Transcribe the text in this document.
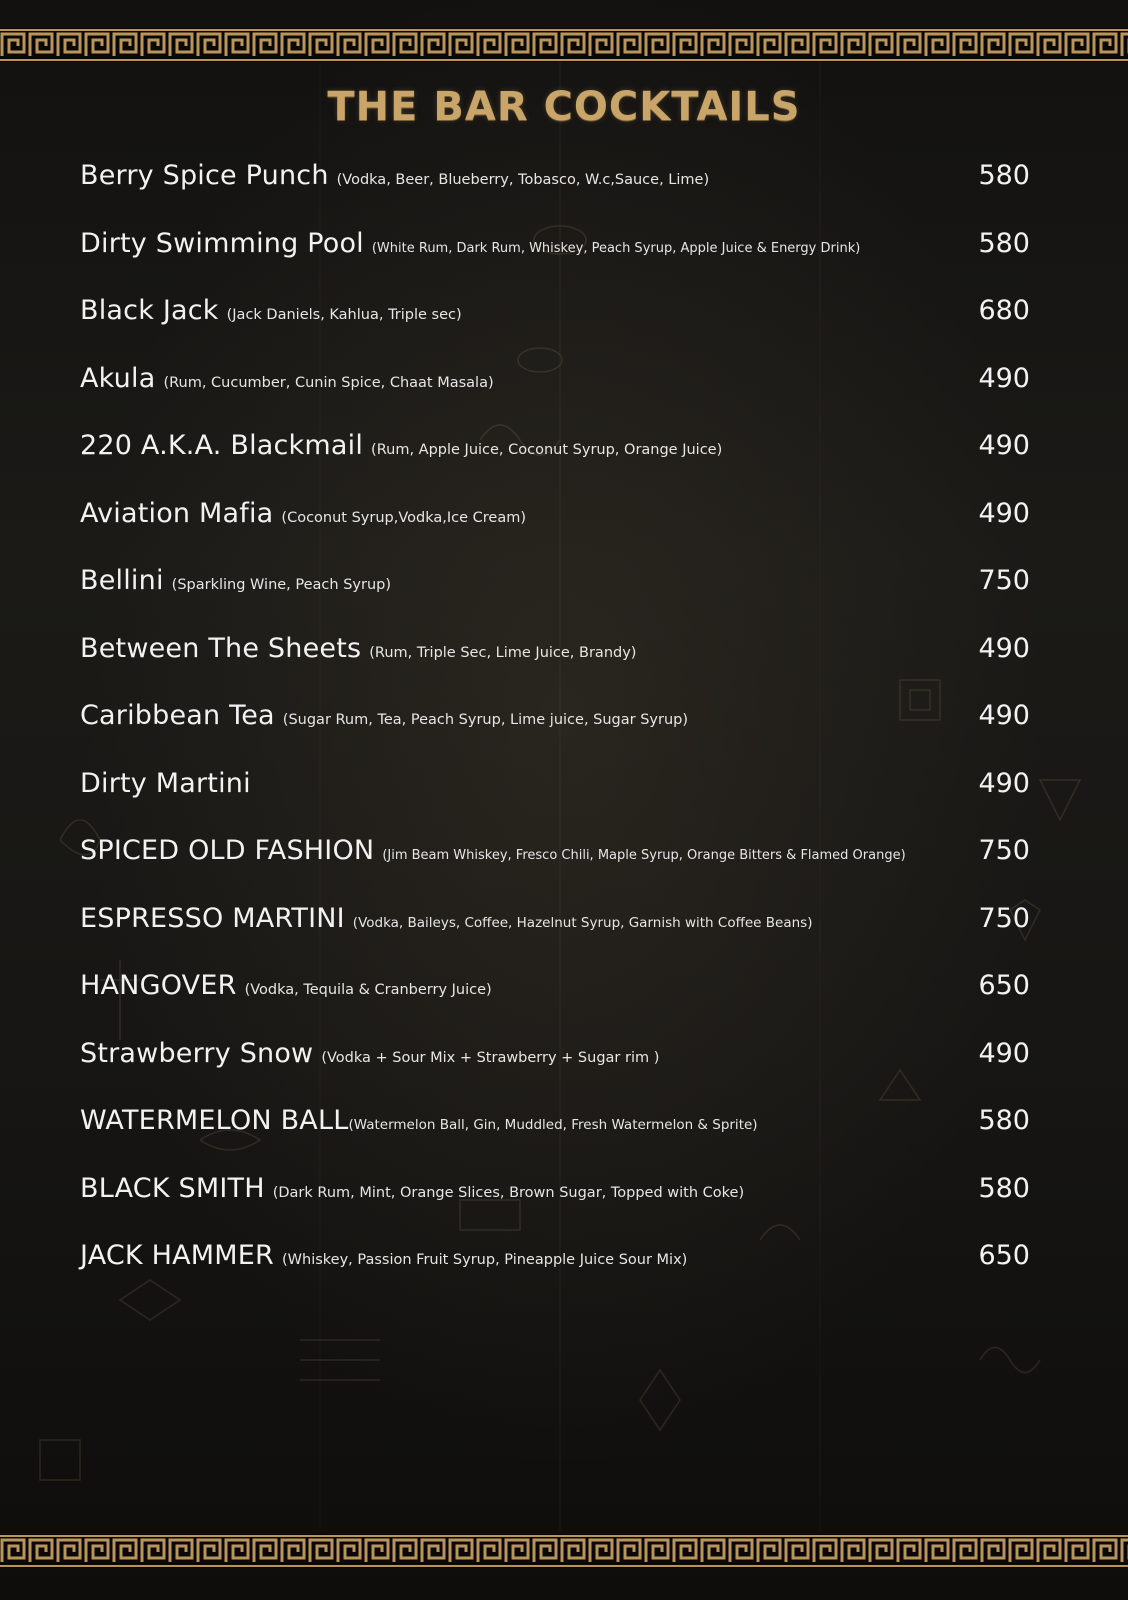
THE BAR COCKTAILS
Berry Spice Punch (Vodka, Beer, Blueberry, Tobasco, W.c,Sauce, Lime)	580
Dirty Swimming Pool (White Rum, Dark Rum, Whiskey, Peach Syrup, Apple Juice & Energy Drink)	580
Black Jack (Jack Daniels, Kahlua, Triple sec)	680
Akula (Rum, Cucumber, Cunin Spice, Chaat Masala)	490
220 A.K.A. Blackmail (Rum, Apple Juice, Coconut Syrup, Orange Juice)	490
Aviation Mafia (Coconut Syrup,Vodka,Ice Cream)	490
Bellini (Sparkling Wine, Peach Syrup)	750
Between The Sheets (Rum, Triple Sec, Lime Juice, Brandy)	490
Caribbean Tea (Sugar Rum, Tea, Peach Syrup, Lime juice, Sugar Syrup)	490
Dirty Martini	490
SPICED OLD FASHION (Jim Beam Whiskey, Fresco Chili, Maple Syrup, Orange Bitters & Flamed Orange)	750
ESPRESSO MARTINI (Vodka, Baileys, Coffee, Hazelnut Syrup, Garnish with Coffee Beans)	750
HANGOVER (Vodka, Tequila & Cranberry Juice)	650
Strawberry Snow (Vodka + Sour Mix + Strawberry + Sugar rim )	490
WATERMELON BALL (Watermelon Ball, Gin, Muddled, Fresh Watermelon & Sprite)	580
BLACK SMITH (Dark Rum, Mint, Orange Slices, Brown Sugar, Topped with Coke)	580
JACK HAMMER (Whiskey, Passion Fruit Syrup, Pineapple Juice Sour Mix)	650
